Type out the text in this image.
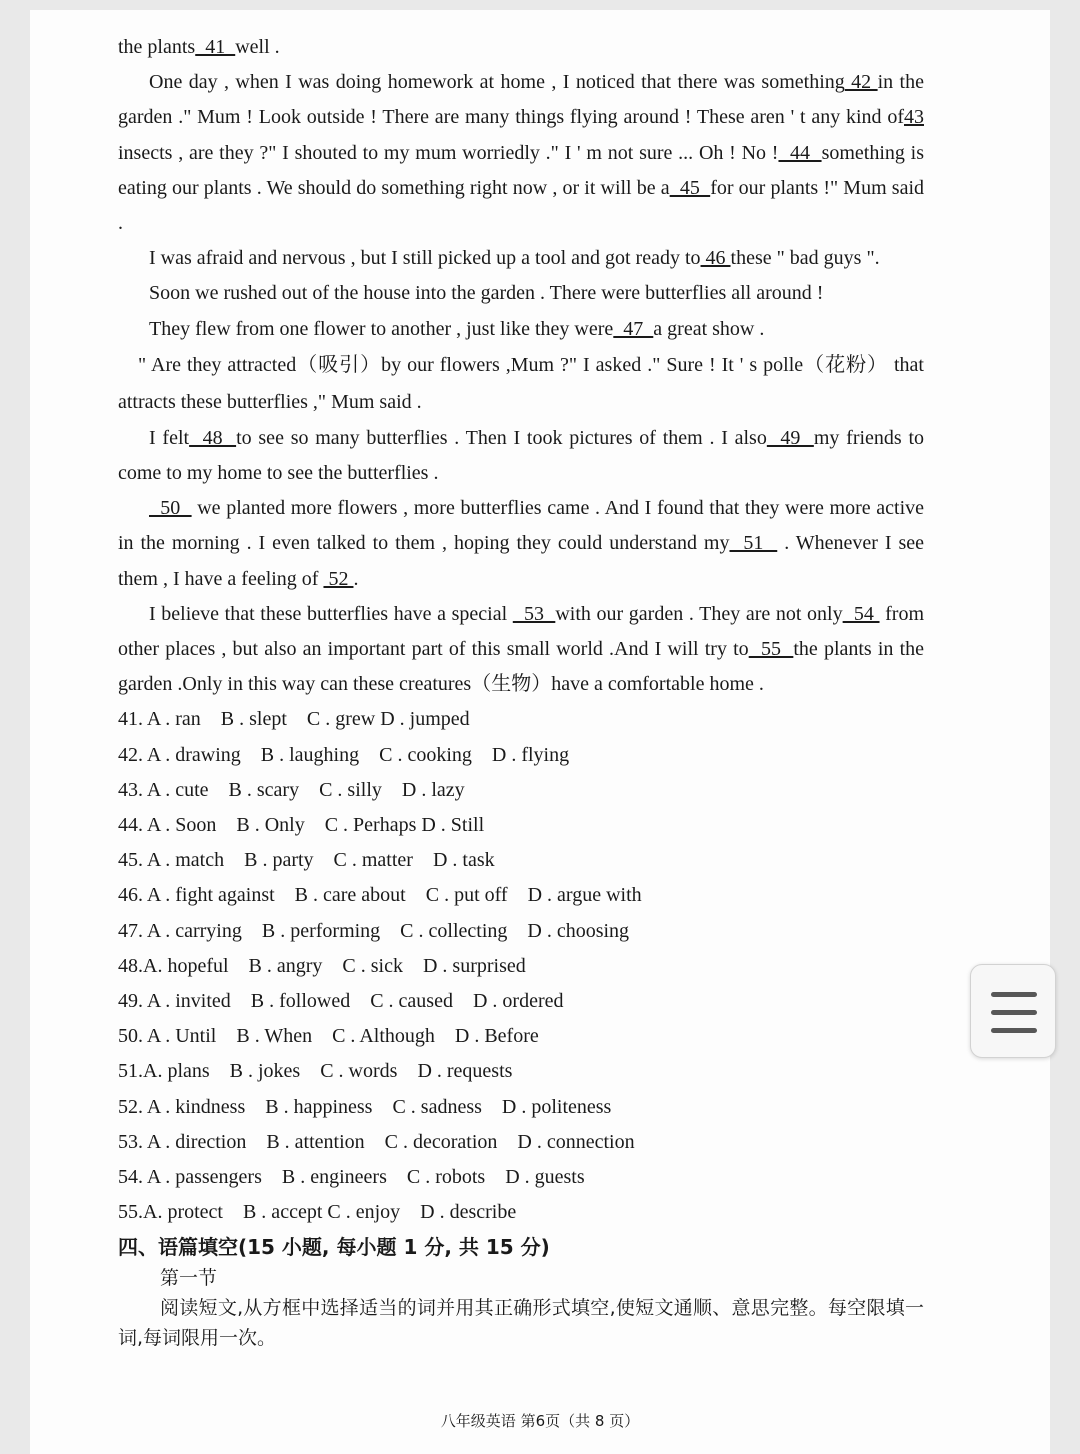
the plants  41  well .

One day , when I was doing homework at home , I noticed that there was something 42 in the garden ." Mum ! Look outside ! There are many things flying around ! These aren ' t any kind of43 insects , are they ?" I shouted to my mum worriedly ." I ' m not sure ... Oh ! No !  44  something is eating our plants . We should do something right now , or it will be a  45  for our plants !" Mum said .

I was afraid and nervous , but I still picked up a tool and got ready to 46 these " bad guys ".

Soon we rushed out of the house into the garden . There were butterflies all around !

They flew from one flower to another , just like they were  47  a great show .

" Are they attracted（吸引）by our flowers ,Mum ?" I asked ." Sure ! It ' s polle（花粉） that attracts these butterflies ," Mum said .

I felt  48  to see so many butterflies . Then I took pictures of them . I also  49  my friends to come to my home to see the butterflies .

50   we planted more flowers , more butterflies came . And I found that they were more active in the morning . I even talked to them , hoping they could understand my  51   . Whenever I see them , I have a feeling of  52 .

I believe that these butterflies have a special   53  with our garden . They are not only  54  from other places , but also an important part of this small world .And I will try to  55  the plants in the garden .Only in this way can these creatures（生物）have a comfortable home .

41. A . ran    B . slept    C . grew D . jumped
42. A . drawing    B . laughing    C . cooking    D . flying
43. A . cute    B . scary    C . silly    D . lazy
44. A . Soon    B . Only    C . Perhaps D . Still
45. A . match    B . party    C . matter    D . task
46. A . fight against    B . care about    C . put off    D . argue with
47. A . carrying    B . performing    C . collecting    D . choosing
48.A. hopeful    B . angry    C . sick    D . surprised
49. A . invited    B . followed    C . caused    D . ordered
50. A . Until    B . When    C . Although    D . Before
51.A. plans    B . jokes    C . words    D . requests
52. A . kindness    B . happiness    C . sadness    D . politeness
53. A . direction    B . attention    C . decoration    D . connection
54. A . passengers    B . engineers    C . robots    D . guests
55.A. protect    B . accept C . enjoy    D . describe
四、语篇填空(15 小题, 每小题 1 分, 共 15 分)
第一节
阅读短文,从方框中选择适当的词并用其正确形式填空,使短文通顺、意思完整。每空限填一词,每词限用一次。
八年级英语 第6页（共 8 页）
